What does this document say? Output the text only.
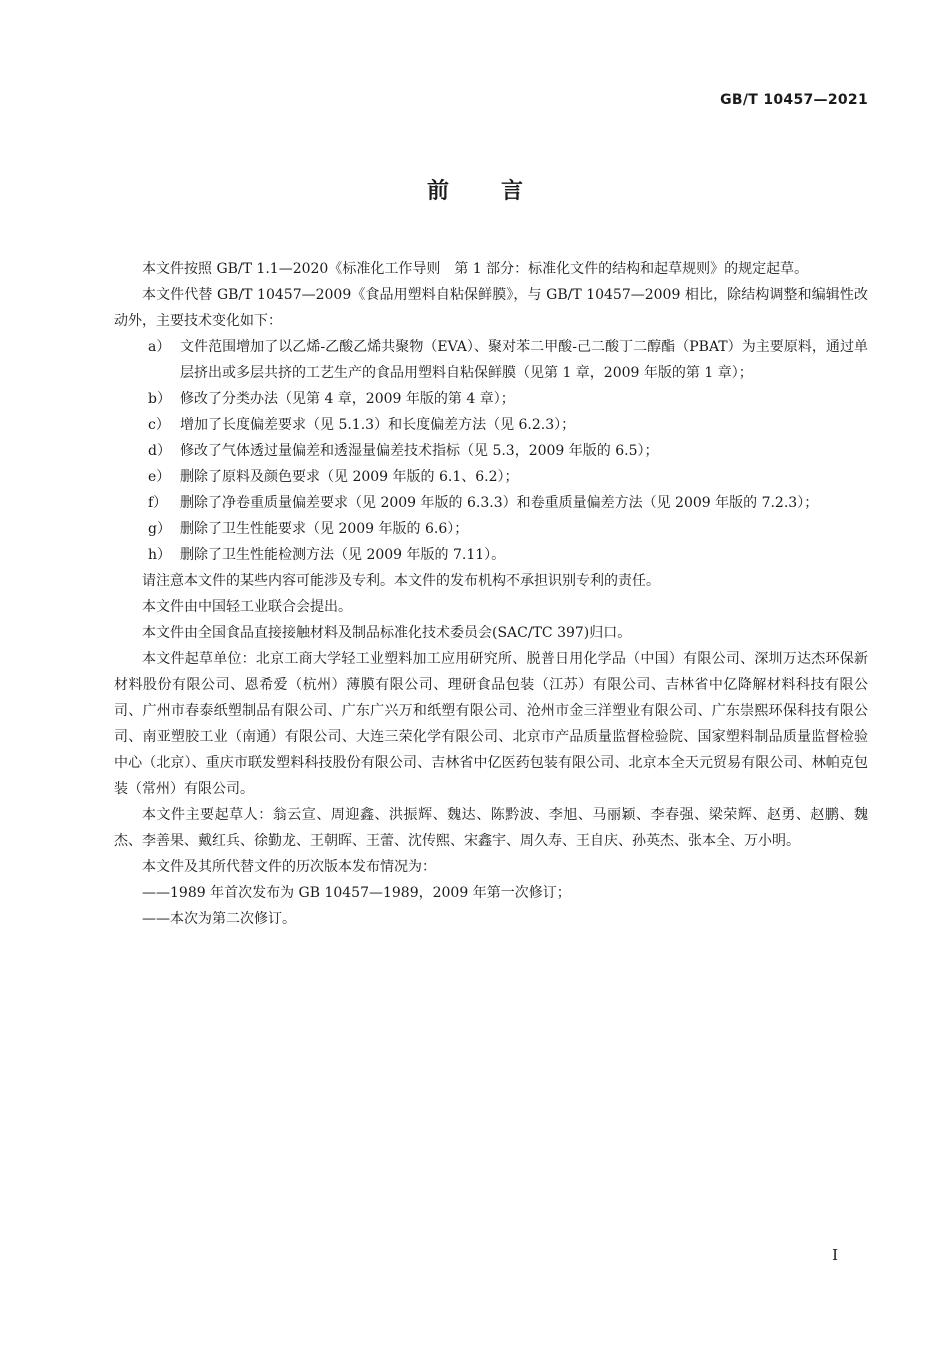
GB/T 10457—2021
前言

本文件按照 GB/T 1.1—2020《标准化工作导则　第 1 部分：标准化文件的结构和起草规则》的规定起草。

本文件代替 GB/T 10457—2009《食品用塑料自粘保鲜膜》，与 GB/T 10457—2009 相比，除结构调整和编辑性改动外，主要技术变化如下：

a） 文件范围增加了以乙烯-乙酸乙烯共聚物（EVA）、聚对苯二甲酸-己二酸丁二醇酯（PBAT）为主要原料，通过单层挤出或多层共挤的工艺生产的食品用塑料自粘保鲜膜（见第 1 章，2009 年版的第 1 章）；

b） 修改了分类办法（见第 4 章，2009 年版的第 4 章）；

c） 增加了长度偏差要求（见 5.1.3）和长度偏差方法（见 6.2.3）；

d） 修改了气体透过量偏差和透湿量偏差技术指标（见 5.3，2009 年版的 6.5）；

e） 删除了原料及颜色要求（见 2009 年版的 6.1、6.2）；

f） 删除了净卷重质量偏差要求（见 2009 年版的 6.3.3）和卷重质量偏差方法（见 2009 年版的 7.2.3）；

g） 删除了卫生性能要求（见 2009 年版的 6.6）；

h） 删除了卫生性能检测方法（见 2009 年版的 7.11）。

请注意本文件的某些内容可能涉及专利。本文件的发布机构不承担识别专利的责任。

本文件由中国轻工业联合会提出。

本文件由全国食品直接接触材料及制品标准化技术委员会(SAC/TC 397)归口。

本文件起草单位：北京工商大学轻工业塑料加工应用研究所、脱普日用化学品（中国）有限公司、深圳万达杰环保新材料股份有限公司、恩希爱（杭州）薄膜有限公司、理研食品包装（江苏）有限公司、吉林省中亿降解材料科技有限公司、广州市春泰纸塑制品有限公司、广东广兴万和纸塑有限公司、沧州市金三洋塑业有限公司、广东崇熙环保科技有限公司、南亚塑胶工业（南通）有限公司、大连三荣化学有限公司、北京市产品质量监督检验院、国家塑料制品质量监督检验中心（北京）、重庆市联发塑料科技股份有限公司、吉林省中亿医药包装有限公司、北京本全天元贸易有限公司、林帕克包装（常州）有限公司。

本文件主要起草人：翁云宣、周迎鑫、洪振辉、魏达、陈黔波、李旭、马丽颖、李春强、梁荣辉、赵勇、赵鹏、魏杰、李善果、戴红兵、徐勤龙、王朝晖、王蕾、沈传熙、宋鑫宇、周久寿、王自庆、孙英杰、张本全、万小明。

本文件及其所代替文件的历次版本发布情况为：

——1989 年首次发布为 GB 10457—1989，2009 年第一次修订；

——本次为第二次修订。

I
